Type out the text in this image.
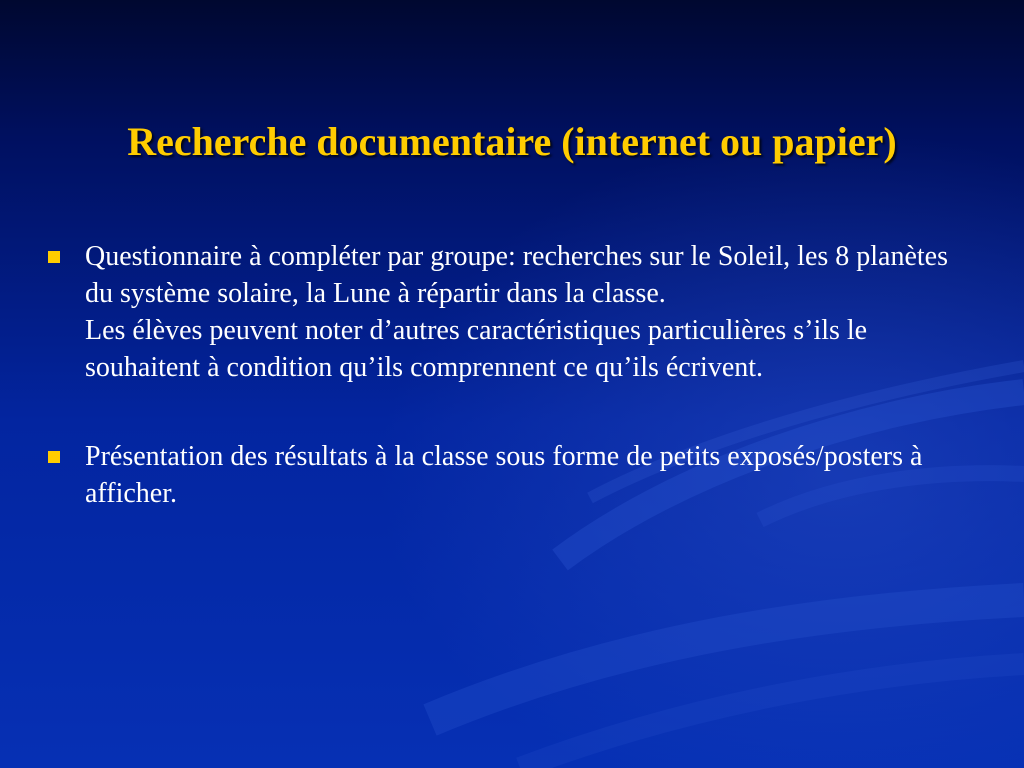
Recherche documentaire (internet ou papier)

Questionnaire à compléter par groupe: recherches sur le Soleil, les 8 planètes du système solaire, la Lune à répartir dans la classe.

Les élèves peuvent noter d’autres caractéristiques particulières s’ils le souhaitent à condition qu’ils comprennent ce qu’ils écrivent.

Présentation des résultats à la classe sous forme de petits exposés/posters à afficher.
